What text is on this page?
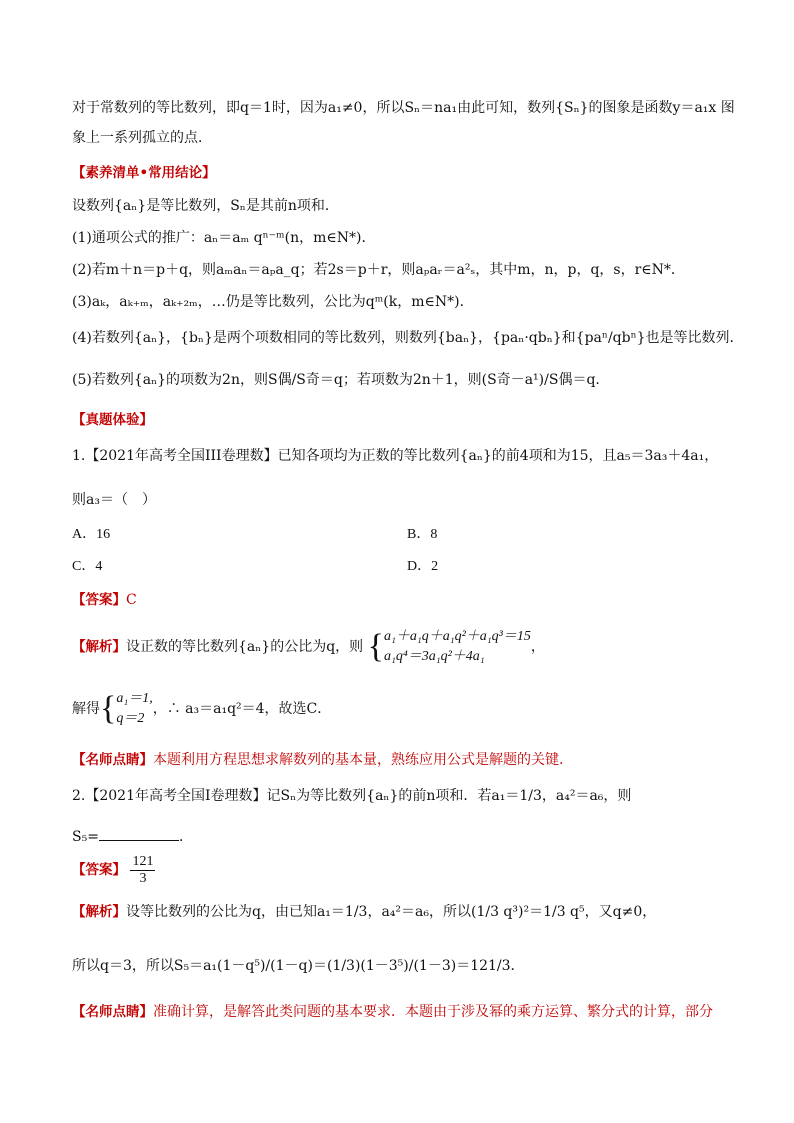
对于常数列的等比数列，即q＝1时，因为a₁≠0，所以Sₙ＝na₁由此可知，数列{Sₙ}的图象是函数y＝a₁x 图
象上一系列孤立的点．
【素养清单•常用结论】
设数列{aₙ}是等比数列，Sₙ是其前n项和．
(1)通项公式的推广：aₙ＝aₘ qⁿ⁻ᵐ(n，m∈N*)．
(2)若m＋n＝p＋q，则aₘaₙ＝aₚa_q；若2s＝p＋r，则aₚaᵣ＝a²ₛ，其中m，n，p，q，s，r∈N*．
(3)aₖ，aₖ₊ₘ，aₖ₊₂ₘ，…仍是等比数列，公比为qᵐ(k，m∈N*)．
(4)若数列{aₙ}，{bₙ}是两个项数相同的等比数列，则数列{baₙ}，{paₙ·qbₙ}和{paⁿ/qbⁿ}也是等比数列．
(5)若数列{aₙ}的项数为2n，则S偶/S奇＝q；若项数为2n＋1，则(S奇－a¹)/S偶＝q.
【真题体验】
1.【2021年高考全国III卷理数】已知各项均为正数的等比数列{aₙ}的前4项和为15，且a₅＝3a₃＋4a₁，
则a₃＝（　）
A．16	B．8
C．4	D．2
【答案】C
【解析】设正数的等比数列{aₙ}的公比为q，则 { a₁＋a₁q＋a₁q²＋a₁q³＝15
a₁q⁴＝3a₁q²＋4a₁
，
解得{ a₁＝1,
q＝2
，∴ a₃＝a₁q²＝4，故选C．
【名师点睛】本题利用方程思想求解数列的基本量，熟练应用公式是解题的关键.
2.【2021年高考全国I卷理数】记Sₙ为等比数列{aₙ}的前n项和．若a₁＝1/3，a₄²＝a₆，则
S₅=	．
【答案】 $\frac{121}{3}$
【解析】设等比数列的公比为q，由已知a₁＝1/3，a₄²＝a₆，所以(1/3 q³)²＝1/3 q⁵，又q≠0，
所以q＝3，所以S₅＝a₁(1－q⁵)/(1－q)＝(1/3)(1－3⁵)/(1－3)＝121/3．
【名师点睛】准确计算，是解答此类问题的基本要求．本题由于涉及幂的乘方运算、繁分式的计算，部分
